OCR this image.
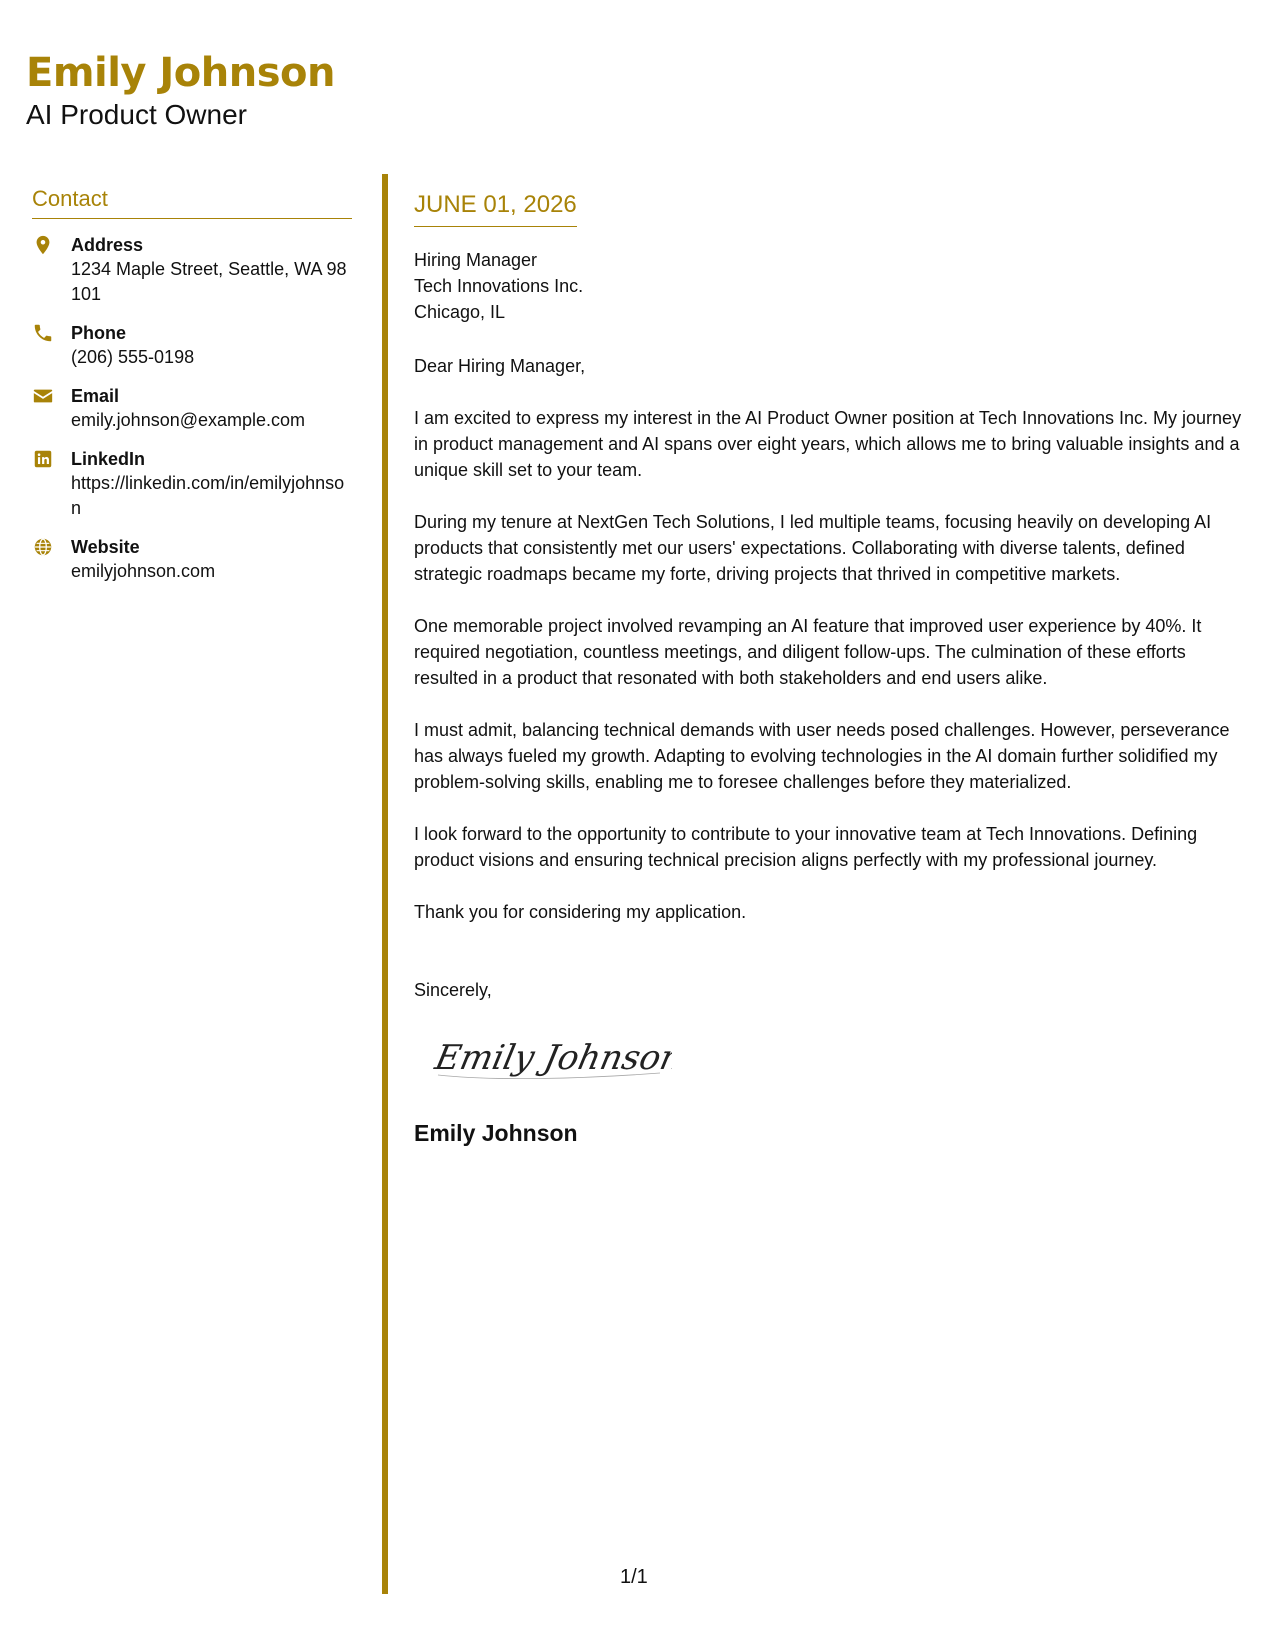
Emily Johnson
AI Product Owner
Contact
Address
1234 Maple Street, Seattle, WA 98101
Phone
(206) 555-0198
Email
emily.johnson@example.com
LinkedIn
https://linkedin.com/in/emilyjohnson
Website
emilyjohnson.com
JUNE 01, 2026

Hiring Manager

Tech Innovations Inc.

Chicago, IL

Dear Hiring Manager,

I am excited to express my interest in the AI Product Owner position at Tech Innovations Inc. My journey in product management and AI spans over eight years, which allows me to bring valuable insights and a unique skill set to your team.

During my tenure at NextGen Tech Solutions, I led multiple teams, focusing heavily on developing AI products that consistently met our users' expectations. Collaborating with diverse talents, defined strategic roadmaps became my forte, driving projects that thrived in competitive markets.

One memorable project involved revamping an AI feature that improved user experience by 40%. It required negotiation, countless meetings, and diligent follow-ups. The culmination of these efforts resulted in a product that resonated with both stakeholders and end users alike.

I must admit, balancing technical demands with user needs posed challenges. However, perseverance has always fueled my growth. Adapting to evolving technologies in the AI domain further solidified my problem-solving skills, enabling me to foresee challenges before they materialized.

I look forward to the opportunity to contribute to your innovative team at Tech Innovations. Defining product visions and ensuring technical precision aligns perfectly with my professional journey.

Thank you for considering my application.

Sincerely,

Emily Johnson
Emily Johnson
1/1
